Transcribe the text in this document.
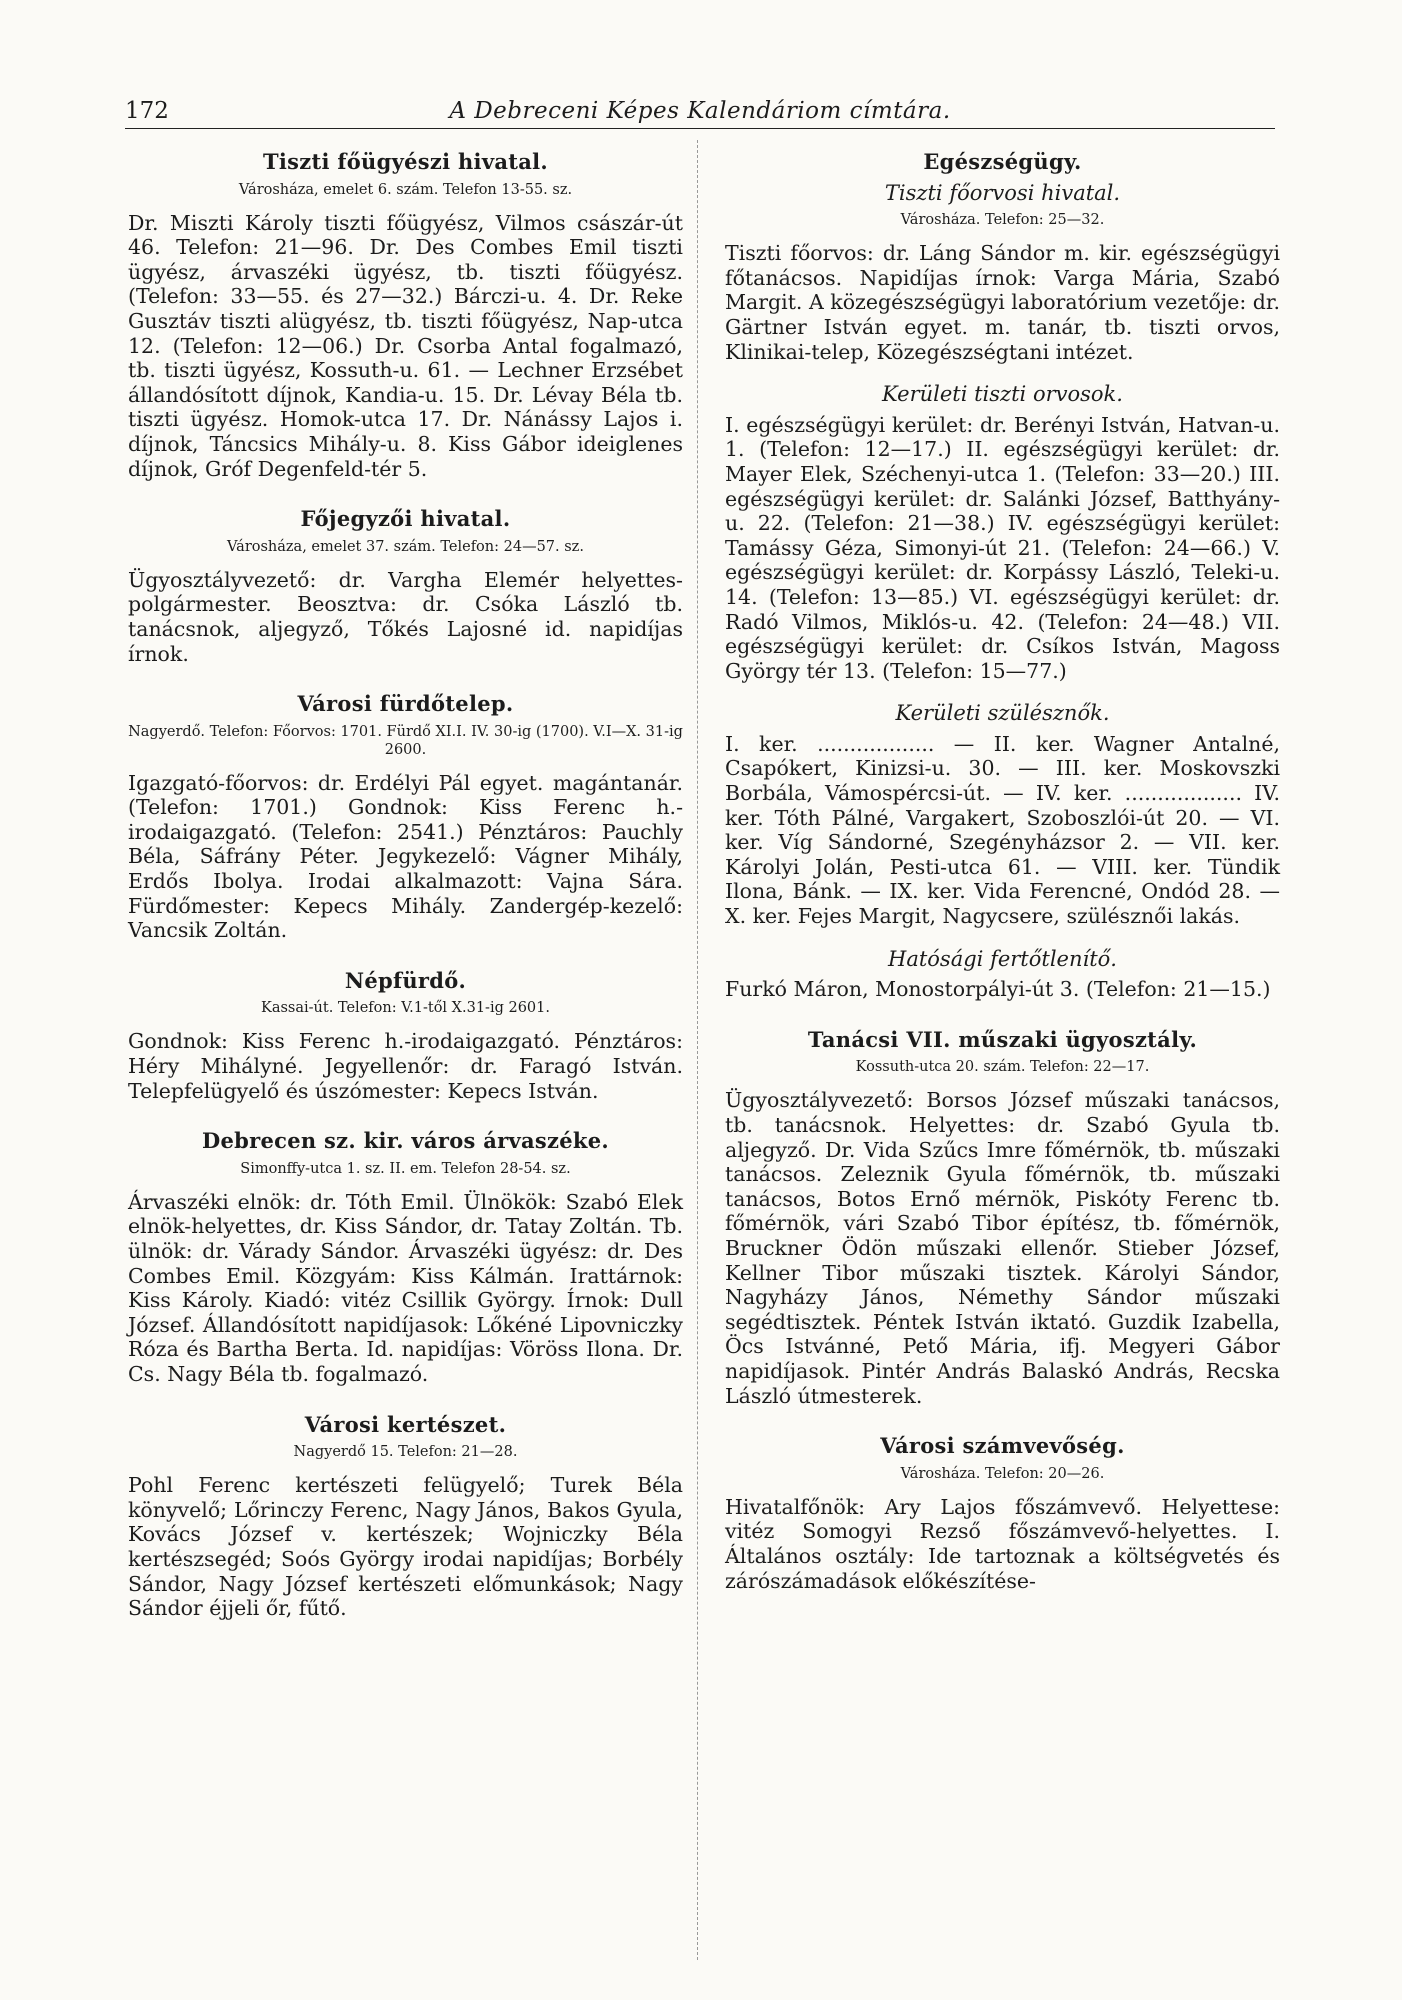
172	A Debreceni Képes Kalendáriom címtára.
Tiszti főügyészi hivatal.
Városháza, emelet 6. szám. Telefon 13-55. sz.

Dr. Miszti Károly tiszti főügyész, Vilmos császár-út 46. Telefon: 21—96. Dr. Des Combes Emil tiszti ügyész, árvaszéki ügyész, tb. tiszti főügyész. (Telefon: 33—55. és 27—32.) Bárczi-u. 4. Dr. Reke Gusztáv tiszti alügyész, tb. tiszti főügyész, Nap-utca 12. (Telefon: 12—06.) Dr. Csorba Antal fogalmazó, tb. tiszti ügyész, Kossuth-u. 61. — Lechner Erzsébet állandósított díjnok, Kandia-u. 15. Dr. Lévay Béla tb. tiszti ügyész. Homok-utca 17. Dr. Nánássy Lajos i. díjnok, Táncsics Mihály-u. 8. Kiss Gábor ideiglenes díjnok, Gróf Degenfeld-tér 5.

Főjegyzői hivatal.
Városháza, emelet 37. szám. Telefon: 24—57. sz.

Ügyosztályvezető: dr. Vargha Elemér helyettes-polgármester. Beosztva: dr. Csóka László tb. tanácsnok, aljegyző, Tőkés Lajosné id. napidíjas írnok.

Városi fürdőtelep.
Nagyerdő. Telefon: Főorvos: 1701. Fürdő XI.I. IV. 30-ig (1700). V.I—X. 31-ig 2600.

Igazgató-főorvos: dr. Erdélyi Pál egyet. magántanár. (Telefon: 1701.) Gondnok: Kiss Ferenc h.-irodaigazgató. (Telefon: 2541.) Pénztáros: Pauchly Béla, Sáfrány Péter. Jegykezelő: Vágner Mihály, Erdős Ibolya. Irodai alkalmazott: Vajna Sára. Fürdőmester: Kepecs Mihály. Zandergép-kezelő: Vancsik Zoltán.

Népfürdő.
Kassai-út. Telefon: V.1-től X.31-ig 2601.

Gondnok: Kiss Ferenc h.-irodaigazgató. Pénztáros: Héry Mihályné. Jegyellenőr: dr. Faragó István. Telepfelügyelő és úszómester: Kepecs István.

Debrecen sz. kir. város árvaszéke.
Simonffy-utca 1. sz. II. em. Telefon 28-54. sz.

Árvaszéki elnök: dr. Tóth Emil. Ülnökök: Szabó Elek elnök-helyettes, dr. Kiss Sándor, dr. Tatay Zoltán. Tb. ülnök: dr. Várady Sándor. Árvaszéki ügyész: dr. Des Combes Emil. Közgyám: Kiss Kálmán. Irattárnok: Kiss Károly. Kiadó: vitéz Csillik György. Írnok: Dull József. Állandósított napidíjasok: Lőkéné Lipovniczky Róza és Bartha Berta. Id. napidíjas: Vöröss Ilona. Dr. Cs. Nagy Béla tb. fogalmazó.

Városi kertészet.
Nagyerdő 15. Telefon: 21—28.

Pohl Ferenc kertészeti felügyelő; Turek Béla könyvelő; Lőrinczy Ferenc, Nagy János, Bakos Gyula, Kovács József v. kertészek; Wojniczky Béla kertészsegéd; Soós György irodai napidíjas; Borbély Sándor, Nagy József kertészeti előmunkások; Nagy Sándor éjjeli őr, fűtő.

Egészségügy.
Tiszti főorvosi hivatal.
Városháza. Telefon: 25—32.

Tiszti főorvos: dr. Láng Sándor m. kir. egészségügyi főtanácsos. Napidíjas írnok: Varga Mária, Szabó Margit. A közegészségügyi laboratórium vezetője: dr. Gärtner István egyet. m. tanár, tb. tiszti orvos, Klinikai-telep, Közegészségtani intézet.

Kerületi tiszti orvosok.

I. egészségügyi kerület: dr. Berényi István, Hatvan-u. 1. (Telefon: 12—17.) II. egészségügyi kerület: dr. Mayer Elek, Széchenyi-utca 1. (Telefon: 33—20.) III. egészségügyi kerület: dr. Salánki József, Batthyány-u. 22. (Telefon: 21—38.) IV. egészségügyi kerület: Tamássy Géza, Simonyi-út 21. (Telefon: 24—66.) V. egészségügyi kerület: dr. Korpássy László, Teleki-u. 14. (Telefon: 13—85.) VI. egészségügyi kerület: dr. Radó Vilmos, Miklós-u. 42. (Telefon: 24—48.) VII. egészségügyi kerület: dr. Csíkos István, Magoss György tér 13. (Telefon: 15—77.)

Kerületi szülésznők.

I. ker. .................. — II. ker. Wagner Antalné, Csapókert, Kinizsi-u. 30. — III. ker. Moskovszki Borbála, Vámospércsi-út. — IV. ker. .................. IV. ker. Tóth Pálné, Vargakert, Szoboszlói-út 20. — VI. ker. Víg Sándorné, Szegényházsor 2. — VII. ker. Károlyi Jolán, Pesti-utca 61. — VIII. ker. Tündik Ilona, Bánk. — IX. ker. Vida Ferencné, Ondód 28. — X. ker. Fejes Margit, Nagycsere, szülésznői lakás.

Hatósági fertőtlenítő.

Furkó Máron, Monostorpályi-út 3. (Telefon: 21—15.)

Tanácsi VII. műszaki ügyosztály.
Kossuth-utca 20. szám. Telefon: 22—17.

Ügyosztályvezető: Borsos József műszaki tanácsos, tb. tanácsnok. Helyettes: dr. Szabó Gyula tb. aljegyző. Dr. Vida Szűcs Imre főmérnök, tb. műszaki tanácsos. Zeleznik Gyula főmérnök, tb. műszaki tanácsos, Botos Ernő mérnök, Piskóty Ferenc tb. főmérnök, vári Szabó Tibor építész, tb. főmérnök, Bruckner Ödön műszaki ellenőr. Stieber József, Kellner Tibor műszaki tisztek. Károlyi Sándor, Nagyházy János, Némethy Sándor műszaki segédtisztek. Péntek István iktató. Guzdik Izabella, Öcs Istvánné, Pető Mária, ifj. Megyeri Gábor napidíjasok. Pintér András Balaskó András, Recska László útmesterek.

Városi számvevőség.
Városháza. Telefon: 20—26.

Hivatalfőnök: Ary Lajos főszámvevő. Helyettese: vitéz Somogyi Rezső főszámvevő-helyettes. I. Általános osztály: Ide tartoznak a költségvetés és zárószámadások előkészítése-
